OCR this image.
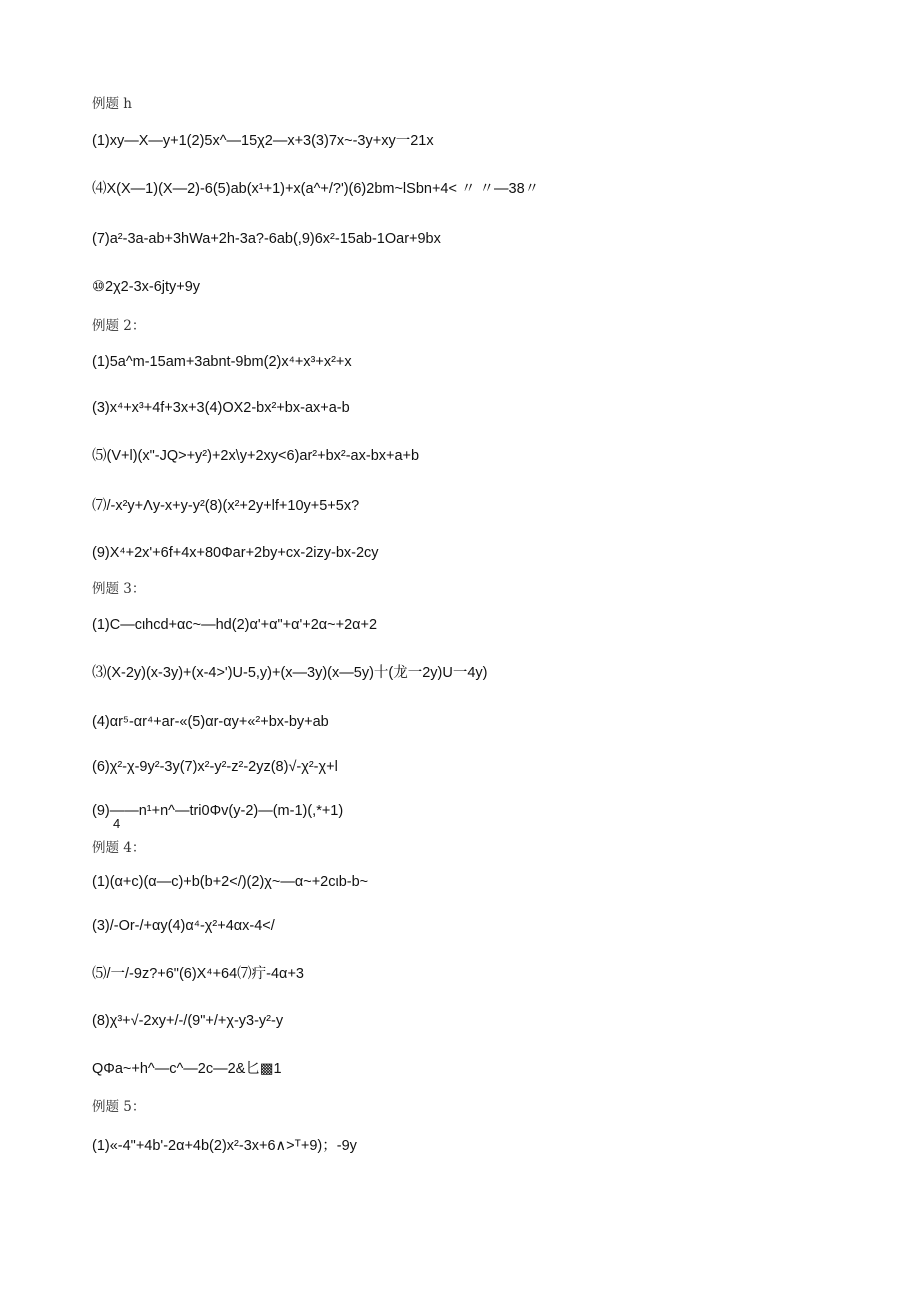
例题 h
(1)xy—X—y+1(2)5x^—15χ2—x+3(3)7x~-3y+xy一21x
⑷X(X—1)(X—2)-6(5)ab(x¹+1)+x(a^+/?')(6)2bm~lSbn+4< 〃 〃—38〃
(7)a²-3a-ab+3hWa+2h-3a?-6ab(,9)6x²-15ab-1Oar+9bx
⑩2χ2-3x-6jty+9y
例题 2：
(1)5a^m-15am+3abnt-9bm(2)x⁴+x³+x²+x
(3)x⁴+x³+4f+3x+3(4)OX2-bx²+bx-ax+a-b
⑸(V+l)(x"-JQ>+y²)+2x\y+2xy<6)ar²+bx²-ax-bx+a+b
⑺/-x²y+Λy-x+y-y²(8)(x²+2y+lf+10y+5+5x?
(9)X⁴+2x'+6f+4x+80Φar+2by+cx-2izy-bx-2cy
例题 3：
(1)C—cιhcd+αc~—hd(2)α'+α"+α'+2α~+2α+2
⑶(X-2y)(x-3y)+(x-4>')U-5,y)+(x—3y)(x—5y)十(龙一2y)U一4y)
(4)αr⁵-αr⁴+ar-«(5)αr-αy+«²+bx-by+ab
(6)χ²-χ-9y²-3y(7)x²-y²-z²-2yz(8)√-χ²-χ+l
(9)——n¹+n^—tri0Φv(y-2)—(m-1)(,*+1)
4
例题 4：
(1)(α+c)(α—c)+b(b+2</)(2)χ~—α~+2cιb-b~
(3)/-Or-/+αy(4)α⁴-χ²+4αx-4</
⑸/一/-9z?+6"(6)X⁴+64⑺疔-4α+3
(8)χ³+√-2xy+/-/(9"+/+χ-y3-y²-y
QΦa~+h^—c^—2c—2&匕▩1
例题 5：
(1)«-4"+4b'-2α+4b(2)x²-3x+6∧>ᵀ+9)；-9y
